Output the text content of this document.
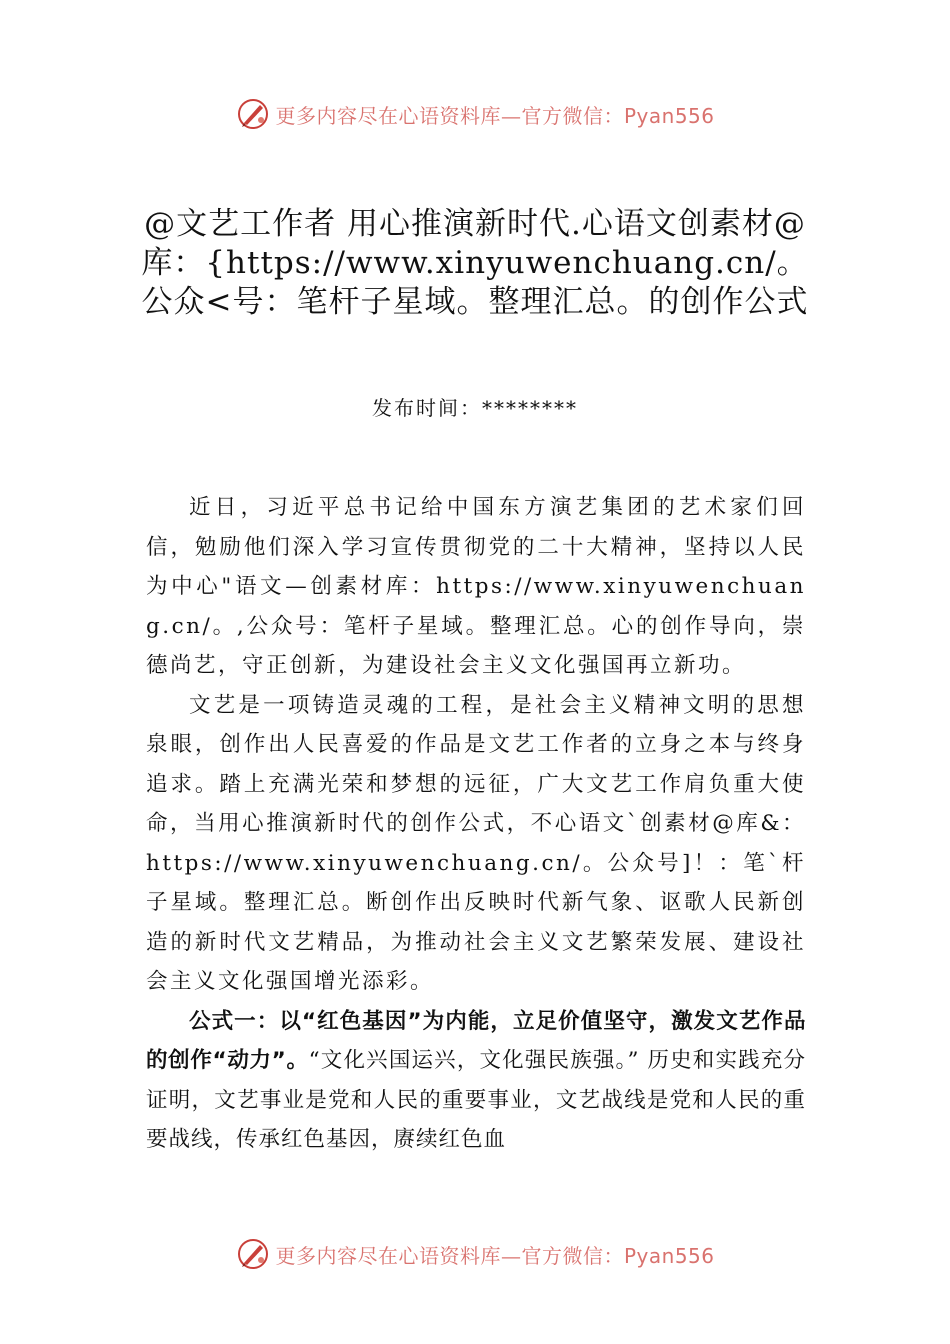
更多内容尽在心语资料库—官方微信：Pyan556
@文艺工作者 用心推演新时代.心语文创素材@库：{https://www.xinyuwenchuang.cn/。公众<号：笔杆子星域。整理汇总。的创作公式
发布时间：********

近日，习近平总书记给中国东方演艺集团的艺术家们回信，勉励他们深入学习宣传贯彻党的二十大精神，坚持以人民为中心"语文—创素材库：https://www.xinyuwenchuang.cn/。,公众号：笔杆子星域。整理汇总。心的创作导向，崇德尚艺，守正创新，为建设社会主义文化强国再立新功。

文艺是一项铸造灵魂的工程，是社会主义精神文明的思想泉眼，创作出人民喜爱的作品是文艺工作者的立身之本与终身追求。踏上充满光荣和梦想的远征，广大文艺工作肩负重大使命，当用心推演新时代的创作公式，不心语文`创素材@库&：https://www.xinyuwenchuang.cn/。公众号]！：笔`杆子星域。整理汇总。断创作出反映时代新气象、讴歌人民新创造的新时代文艺精品，为推动社会主义文艺繁荣发展、建设社会主义文化强国增光添彩。

公式一：以“红色基因”为内能，立足价值坚守，激发文艺作品的创作“动力”。“文化兴国运兴，文化强民族强。” 历史和实践充分证明，文艺事业是党和人民的重要事业，文艺战线是党和人民的重要战线，传承红色基因，赓续红色血

更多内容尽在心语资料库—官方微信：Pyan556
